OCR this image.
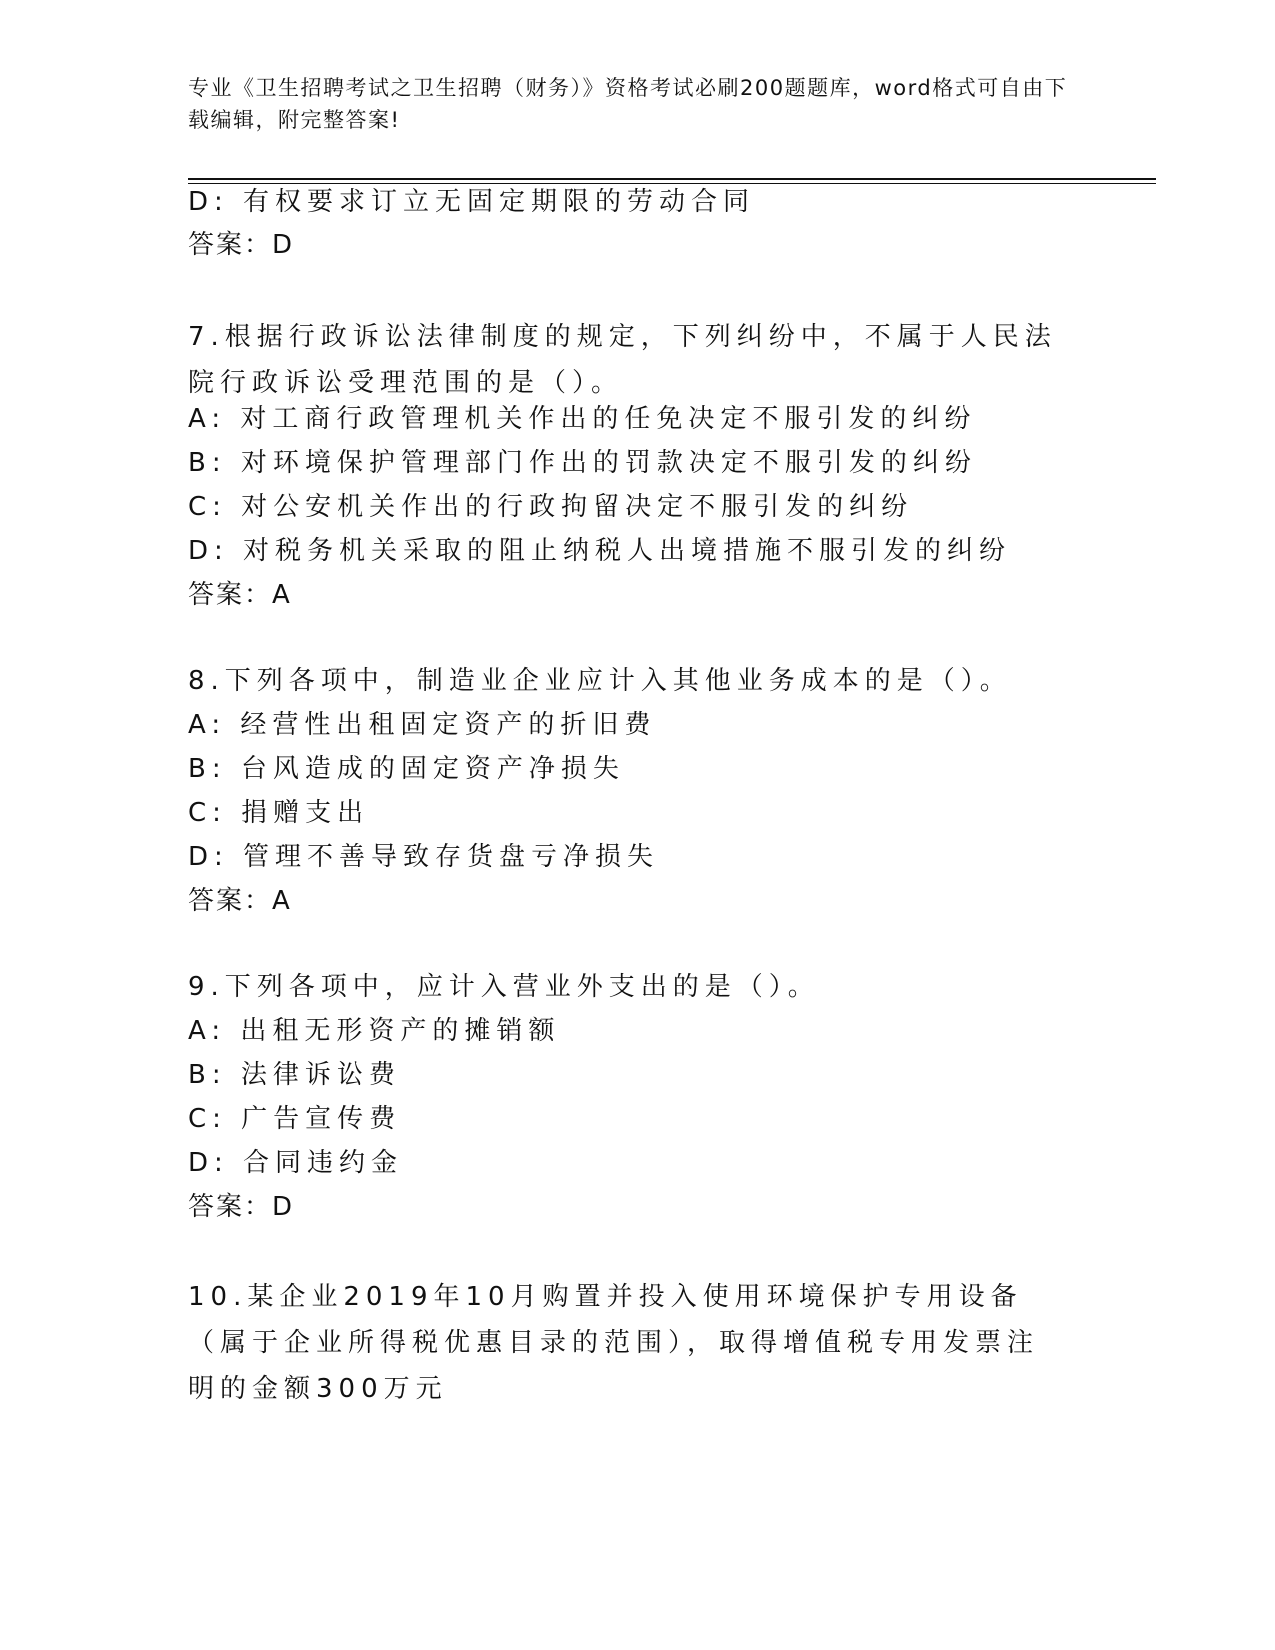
专业《卫生招聘考试之卫生招聘（财务）》资格考试必刷200题题库，word格式可自由下载编辑，附完整答案!
D: 有权要求订立无固定期限的劳动合同
答案：D
7.根据行政诉讼法律制度的规定，下列纠纷中，不属于人民法院行政诉讼受理范围的是（）。
A: 对工商行政管理机关作出的任免决定不服引发的纠纷
B: 对环境保护管理部门作出的罚款决定不服引发的纠纷
C: 对公安机关作出的行政拘留决定不服引发的纠纷
D: 对税务机关采取的阻止纳税人出境措施不服引发的纠纷
答案：A
8.下列各项中，制造业企业应计入其他业务成本的是（）。
A: 经营性出租固定资产的折旧费
B: 台风造成的固定资产净损失
C: 捐赠支出
D: 管理不善导致存货盘亏净损失
答案：A
9.下列各项中，应计入营业外支出的是（）。
A: 出租无形资产的摊销额
B: 法律诉讼费
C: 广告宣传费
D: 合同违约金
答案：D
10.某企业2019年10月购置并投入使用环境保护专用设备（属于企业所得税优惠目录的范围），取得增值税专用发票注明的金额300万元
